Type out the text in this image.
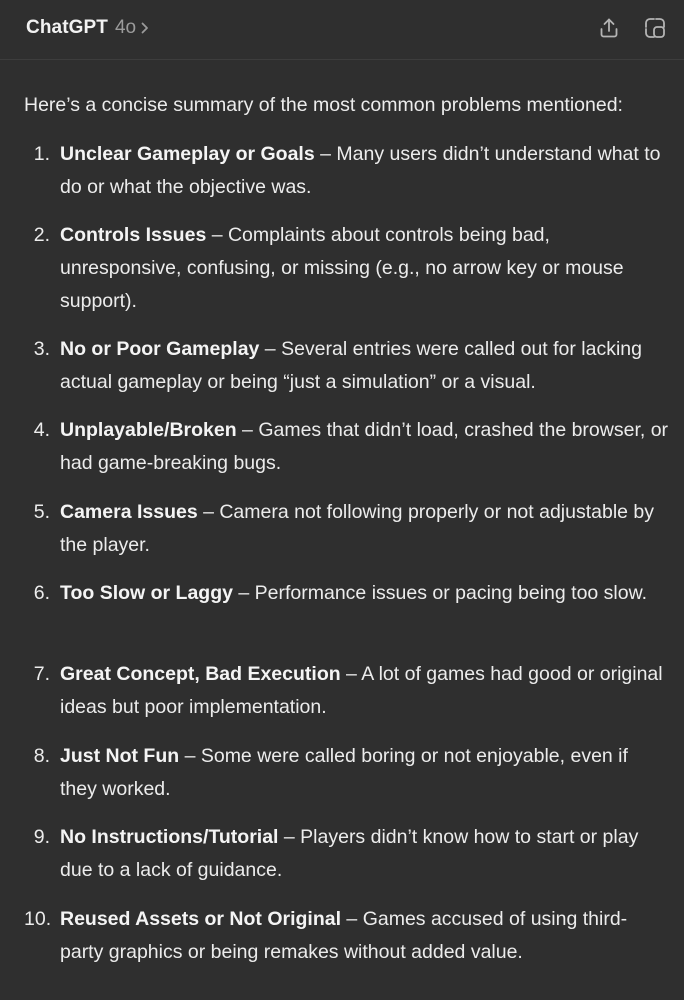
ChatGPT 4o
Here’s a concise summary of the most common problems mentioned:
1. Unclear Gameplay or Goals – Many users didn’t understand what to do or what the objective was.
2. Controls Issues – Complaints about controls being bad, unresponsive, confusing, or missing (e.g., no arrow key or mouse support).
3. No or Poor Gameplay – Several entries were called out for lacking actual gameplay or being “just a simulation” or a visual.
4. Unplayable/Broken – Games that didn’t load, crashed the browser, or had game-breaking bugs.
5. Camera Issues – Camera not following properly or not adjustable by the player.
6. Too Slow or Laggy – Performance issues or pacing being too slow.
7. Great Concept, Bad Execution – A lot of games had good or original ideas but poor implementation.
8. Just Not Fun – Some were called boring or not enjoyable, even if they worked.
9. No Instructions/Tutorial – Players didn’t know how to start or play due to a lack of guidance.
10. Reused Assets or Not Original – Games accused of using third-party graphics or being remakes without added value.
